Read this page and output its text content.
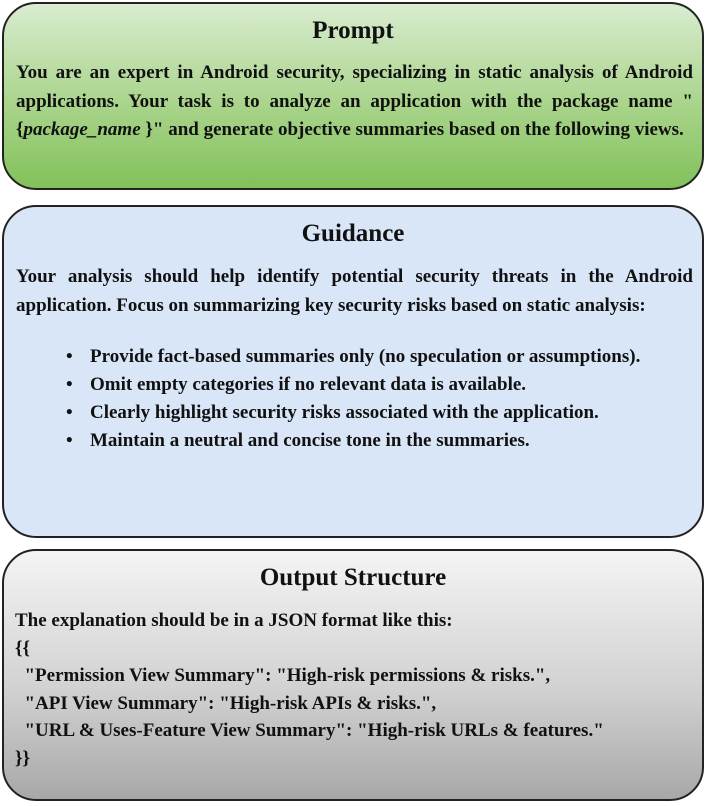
Prompt

You are an expert in Android security, specializing in static analysis of Android applications. Your task is to analyze an application with the package name "{package_name }" and generate objective summaries based on the following views.

Guidance

Your analysis should help identify potential security threats in the Android application. Focus on summarizing key security risks based on static analysis:

• Provide fact-based summaries only (no speculation or assumptions).
• Omit empty categories if no relevant data is available.
• Clearly highlight security risks associated with the application.
• Maintain a neutral and concise tone in the summaries.
Output Structure
The explanation should be in a JSON format like this:
{{
"Permission View Summary": "High-risk permissions & risks.",
"API View Summary": "High-risk APIs & risks.",
"URL & Uses-Feature View Summary": "High-risk URLs & features."
}}
